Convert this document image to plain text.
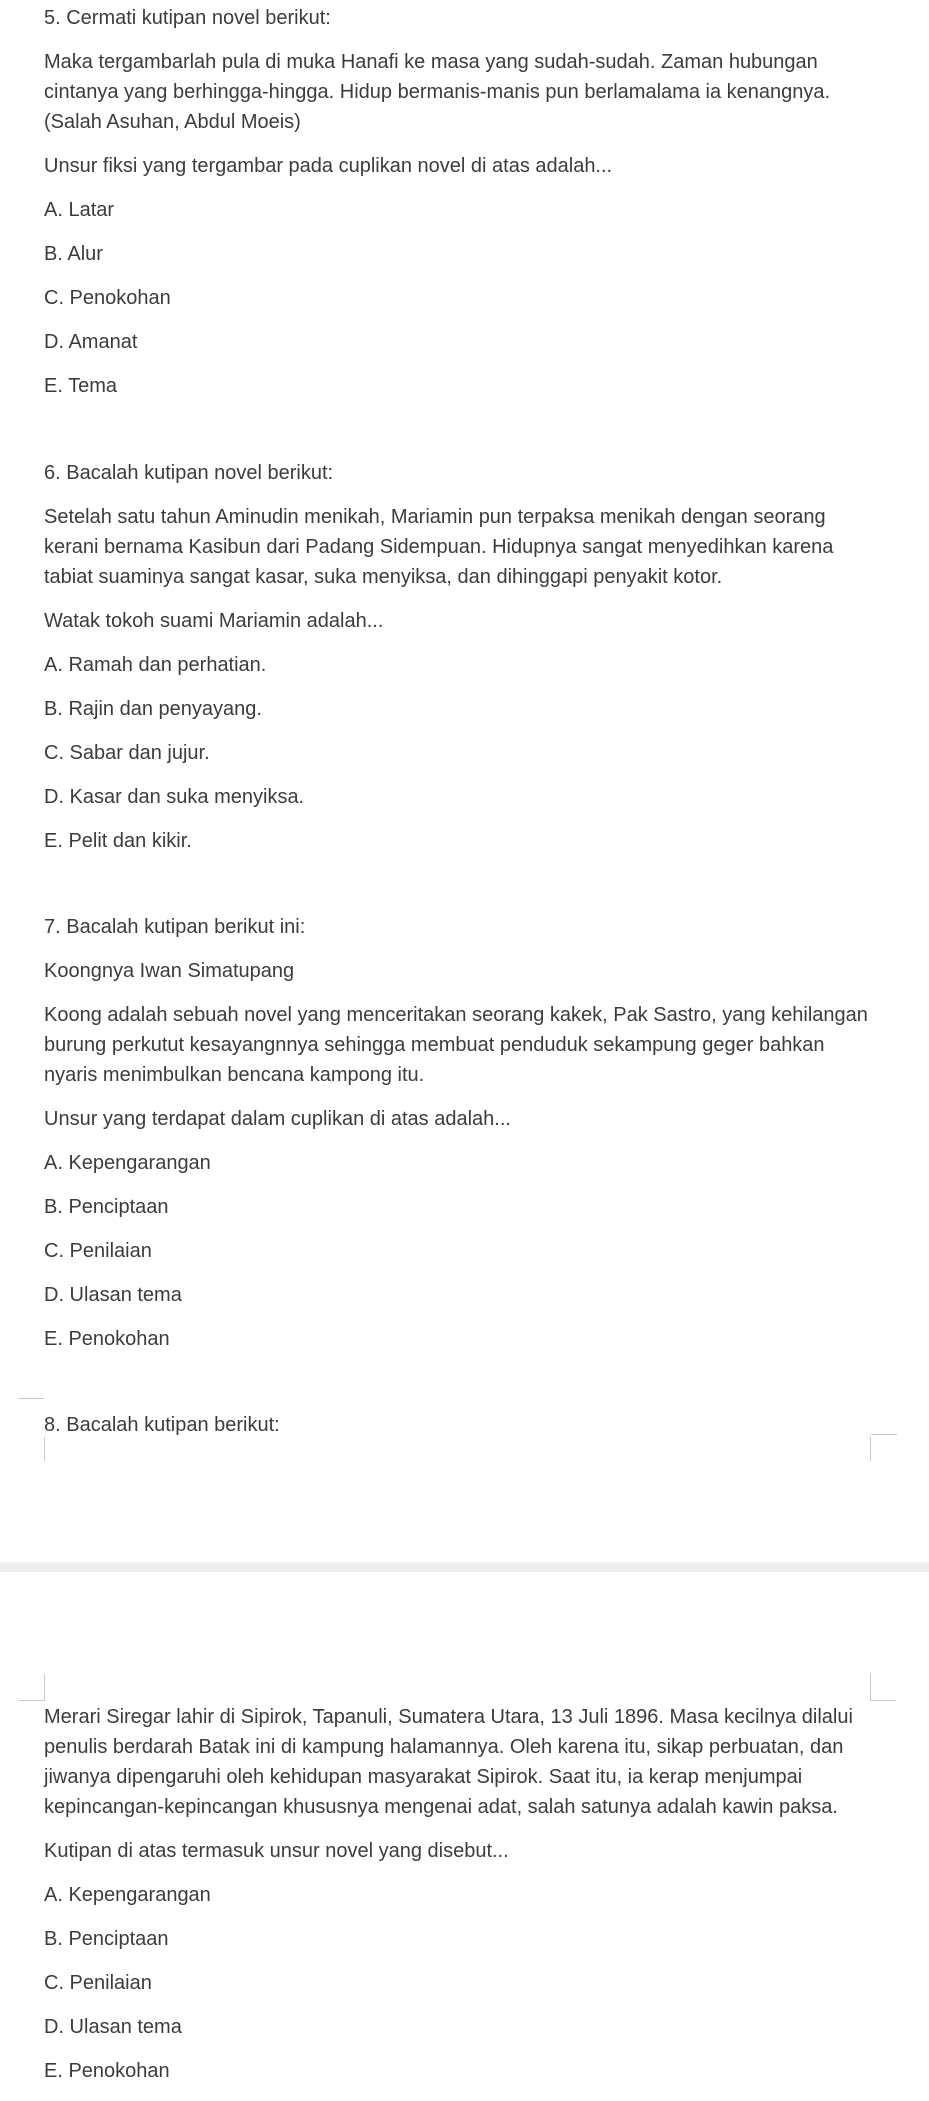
5. Cermati kutipan novel berikut:

Maka tergambarlah pula di muka Hanafi ke masa yang sudah-sudah. Zaman hubungan

cintanya yang berhingga-hingga. Hidup bermanis-manis pun berlamalama ia kenangnya.

(Salah Asuhan, Abdul Moeis)

Unsur fiksi yang tergambar pada cuplikan novel di atas adalah...

A. Latar

B. Alur

C. Penokohan

D. Amanat

E. Tema

6. Bacalah kutipan novel berikut:

Setelah satu tahun Aminudin menikah, Mariamin pun terpaksa menikah dengan seorang

kerani bernama Kasibun dari Padang Sidempuan. Hidupnya sangat menyedihkan karena

tabiat suaminya sangat kasar, suka menyiksa, dan dihinggapi penyakit kotor.

Watak tokoh suami Mariamin adalah...

A. Ramah dan perhatian.

B. Rajin dan penyayang.

C. Sabar dan jujur.

D. Kasar dan suka menyiksa.

E. Pelit dan kikir.

7. Bacalah kutipan berikut ini:

Koongnya Iwan Simatupang

Koong adalah sebuah novel yang menceritakan seorang kakek, Pak Sastro, yang kehilangan

burung perkutut kesayangnnya sehingga membuat penduduk sekampung geger bahkan

nyaris menimbulkan bencana kampong itu.

Unsur yang terdapat dalam cuplikan di atas adalah...

A. Kepengarangan

B. Penciptaan

C. Penilaian

D. Ulasan tema

E. Penokohan

8. Bacalah kutipan berikut:

Merari Siregar lahir di Sipirok, Tapanuli, Sumatera Utara, 13 Juli 1896. Masa kecilnya dilalui

penulis berdarah Batak ini di kampung halamannya. Oleh karena itu, sikap perbuatan, dan

jiwanya dipengaruhi oleh kehidupan masyarakat Sipirok. Saat itu, ia kerap menjumpai

kepincangan-kepincangan khususnya mengenai adat, salah satunya adalah kawin paksa.

Kutipan di atas termasuk unsur novel yang disebut...

A. Kepengarangan

B. Penciptaan

C. Penilaian

D. Ulasan tema

E. Penokohan
